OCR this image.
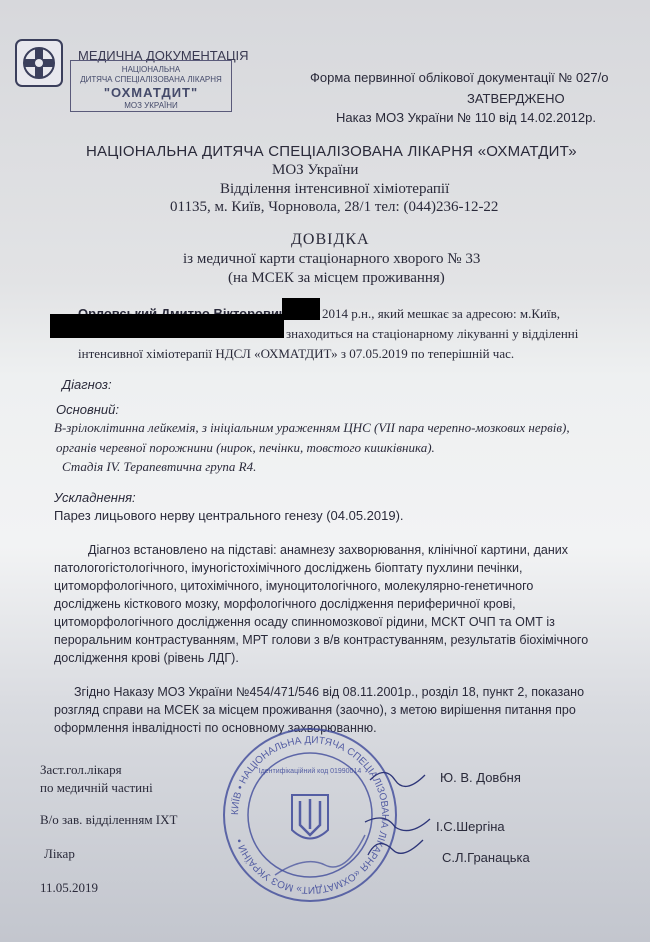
МЕДИЧНА ДОКУМЕНТАЦІЯ
НАЦІОНАЛЬНА
ДИТЯЧА СПЕЦІАЛІЗОВАНА ЛІКАРНЯ
"ОХМАТДИТ"
МОЗ УКРАЇНИ
Форма первинної облікової документації № 027/о
ЗАТВЕРДЖЕНО
Наказ МОЗ України № 110 від 14.02.2012р.
НАЦІОНАЛЬНА ДИТЯЧА СПЕЦІАЛІЗОВАНА ЛІКАРНЯ «ОХМАТДИТ»
МОЗ України
Відділення інтенсивної хіміотерапії
01135, м. Київ, Чорновола, 28/1 тел: (044)236-12-22
ДОВІДКА
із медичної карти стаціонарного хворого № 33
(на МСЕК за місцем проживання)
2014 р.н., який мешкає за адресою: м.Київ,
знаходиться на стаціонарному лікуванні у відділенні
інтенсивної хіміотерапії НДСЛ «ОХМАТДИТ» з 07.05.2019 по теперішній час.
Діагноз:
Основний:
В-зрілоклітинна лейкемія, з ініціальним ураженням ЦНС (VII пара черепно-мозкових нервів),
органів черевної порожнини (нирок, печінки, товстого кишківника).
Стадія IV. Терапевтична група R4.
Ускладнення:
Парез лицьового нерву центрального генезу (04.05.2019).
Діагноз встановлено на підставі: анамнезу захворювання, клінічної картини, даних
патологогістологічного, імуногістохімічного досліджень біоптату пухлини печінки,
цитоморфологічного, цитохімічного, імуноцитологічного, молекулярно-генетичного
досліджень кісткового мозку, морфологічного дослідження периферичної крові,
цитоморфологічного дослідження осаду спинномозкової рідини, МСКТ ОЧП та ОМТ із
пероральним контрастуванням, МРТ голови з в/в контрастуванням, результатів біохімічного
дослідження крові (рівень ЛДГ).
Згідно Наказу МОЗ України №454/471/546 від 08.11.2001р., розділ 18, пункт 2, показано
розгляд справи на МСЕК за місцем проживання (заочно), з метою вирішення питання про
оформлення інвалідності по основному захворюванню.
КИЇВ • НАЦІОНАЛЬНА ДИТЯЧА СПЕЦІАЛІЗОВАНА ЛІКАРНЯ «ОХМАТДИТ» МОЗ УКРАЇНИ •
Ідентифікаційний код 01990014
Заст.гол.лікаря
по медичній частині
Ю. В. Довбня
В/о зав. відділенням ІХТ	І.С.Шергіна
Лікар	С.Л.Гранацька
11.05.2019
